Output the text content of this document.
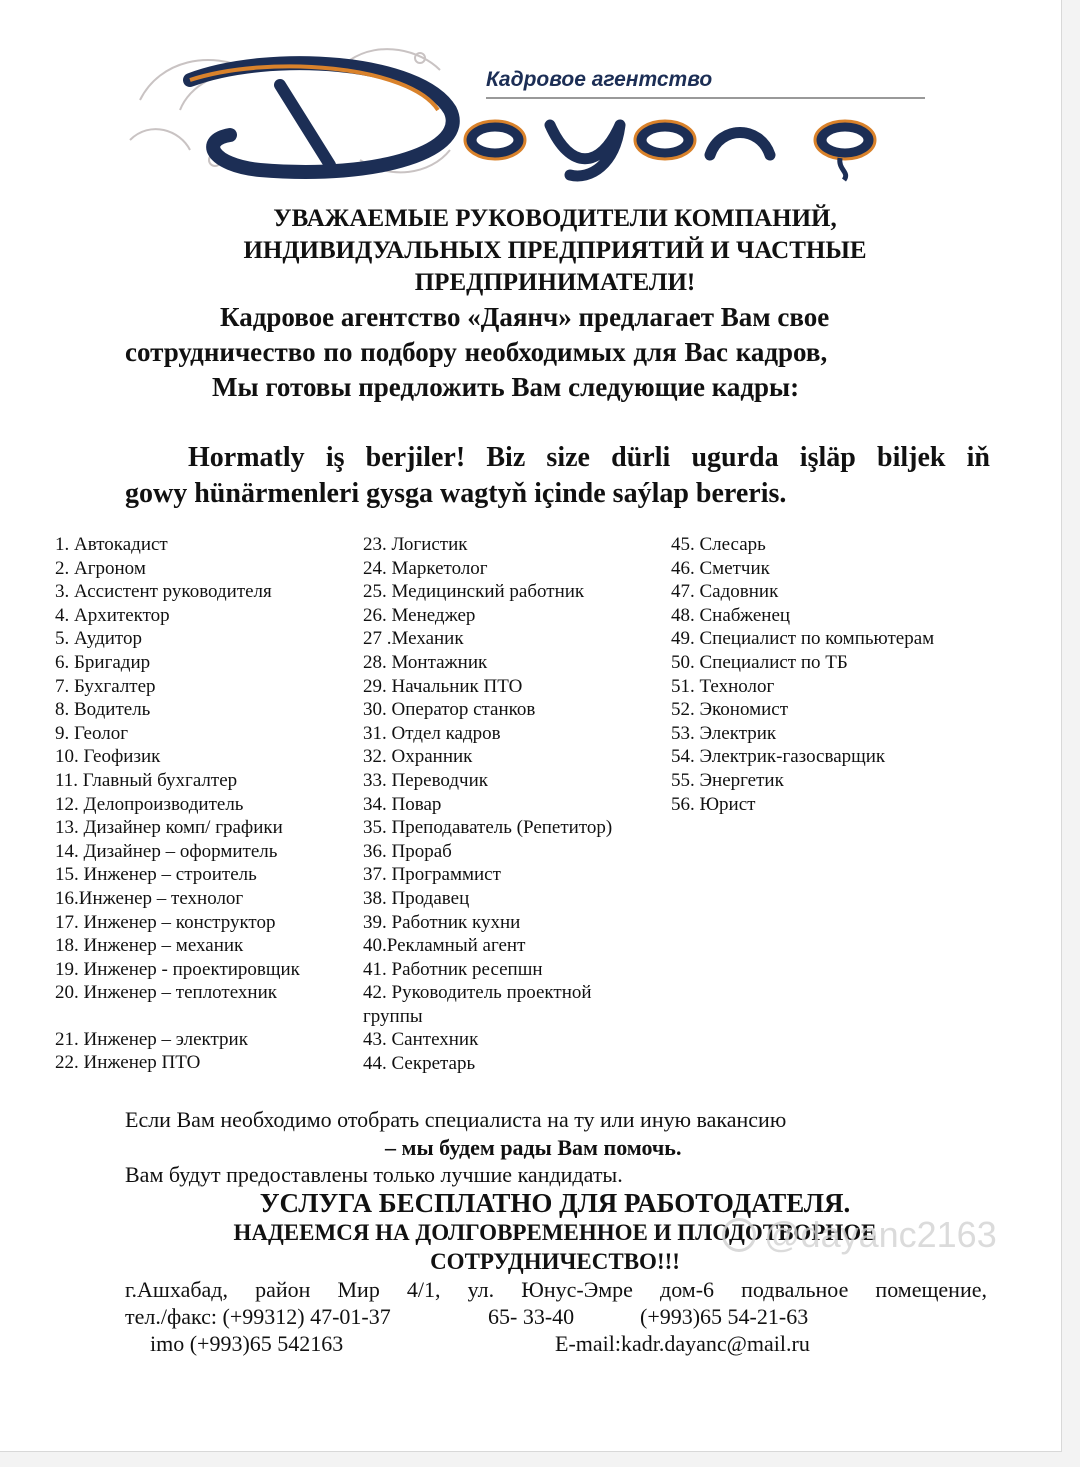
Кадровое агентство
УВАЖАЕМЫЕ РУКОВОДИТЕЛИ КОМПАНИЙ,
ИНДИВИДУАЛЬНЫХ ПРЕДПРИЯТИЙ И ЧАСТНЫЕ
ПРЕДПРИНИМАТЕЛИ!
Кадровое агентство «Даянч» предлагает Вам свое
сотрудничество по подбору необходимых для Вас кадров,
Мы готовы предложить Вам следующие кадры:
Hormatly iş berjiler! Biz size dürli ugurda işläp biljek iň
gowy hünärmenleri gysga wagtyň içinde saýlap bereris.
1. Автокадист
2. Агроном
3. Ассистент руководителя
4. Архитектор
5. Аудитор
6. Бригадир
7. Бухгалтер
8. Водитель
9. Геолог
10. Геофизик
11. Главный бухгалтер
12. Делопроизводитель
13. Дизайнер комп/ графики
14. Дизайнер – оформитель
15. Инженер – строитель
16.Инженер – технолог
17. Инженер – конструктор
18. Инженер – механик
19. Инженер - проектировщик
20. Инженер – теплотехник
21. Инженер – электрик
22. Инженер ПТО
23. Логистик
24. Маркетолог
25. Медицинский работник
26. Менеджер
27 .Механик
28. Монтажник
29. Начальник ПТО
30. Оператор станков
31. Отдел кадров
32. Охранник
33. Переводчик
34. Повар
35. Преподаватель (Репетитор)
36. Прораб
37. Программист
38. Продавец
39. Работник кухни
40.Рекламный агент
41. Работник ресепшн
42. Руководитель проектной группы
43. Сантехник
44. Секретарь
45. Слесарь
46. Сметчик
47. Садовник
48. Снабженец
49. Специалист по компьютерам
50. Специалист по ТБ
51. Технолог
52. Экономист
53. Электрик
54. Электрик-газосварщик
55. Энергетик
56. Юрист
Если Вам необходимо отобрать специалиста на ту или иную вакансию
– мы будем рады Вам помочь.
Вам будут предоставлены только лучшие кандидаты.
УСЛУГА БЕСПЛАТНО ДЛЯ РАБОТОДАТЕЛЯ.
НАДЕЕМСЯ НА ДОЛГОВРЕМЕННОЕ И ПЛОДОТВОРНОЕ
СОТРУДНИЧЕСТВО!!!
г.Ашхабад, район Мир 4/1, ул. Юнус-Эмре дом-6 подвальное помещение,
тел./факс: (+99312) 47-01-37	65- 33-40	(+993)65 54-21-63
imo (+993)65 542163	E-mail:kadr.dayanc@mail.ru
@dayanc2163
